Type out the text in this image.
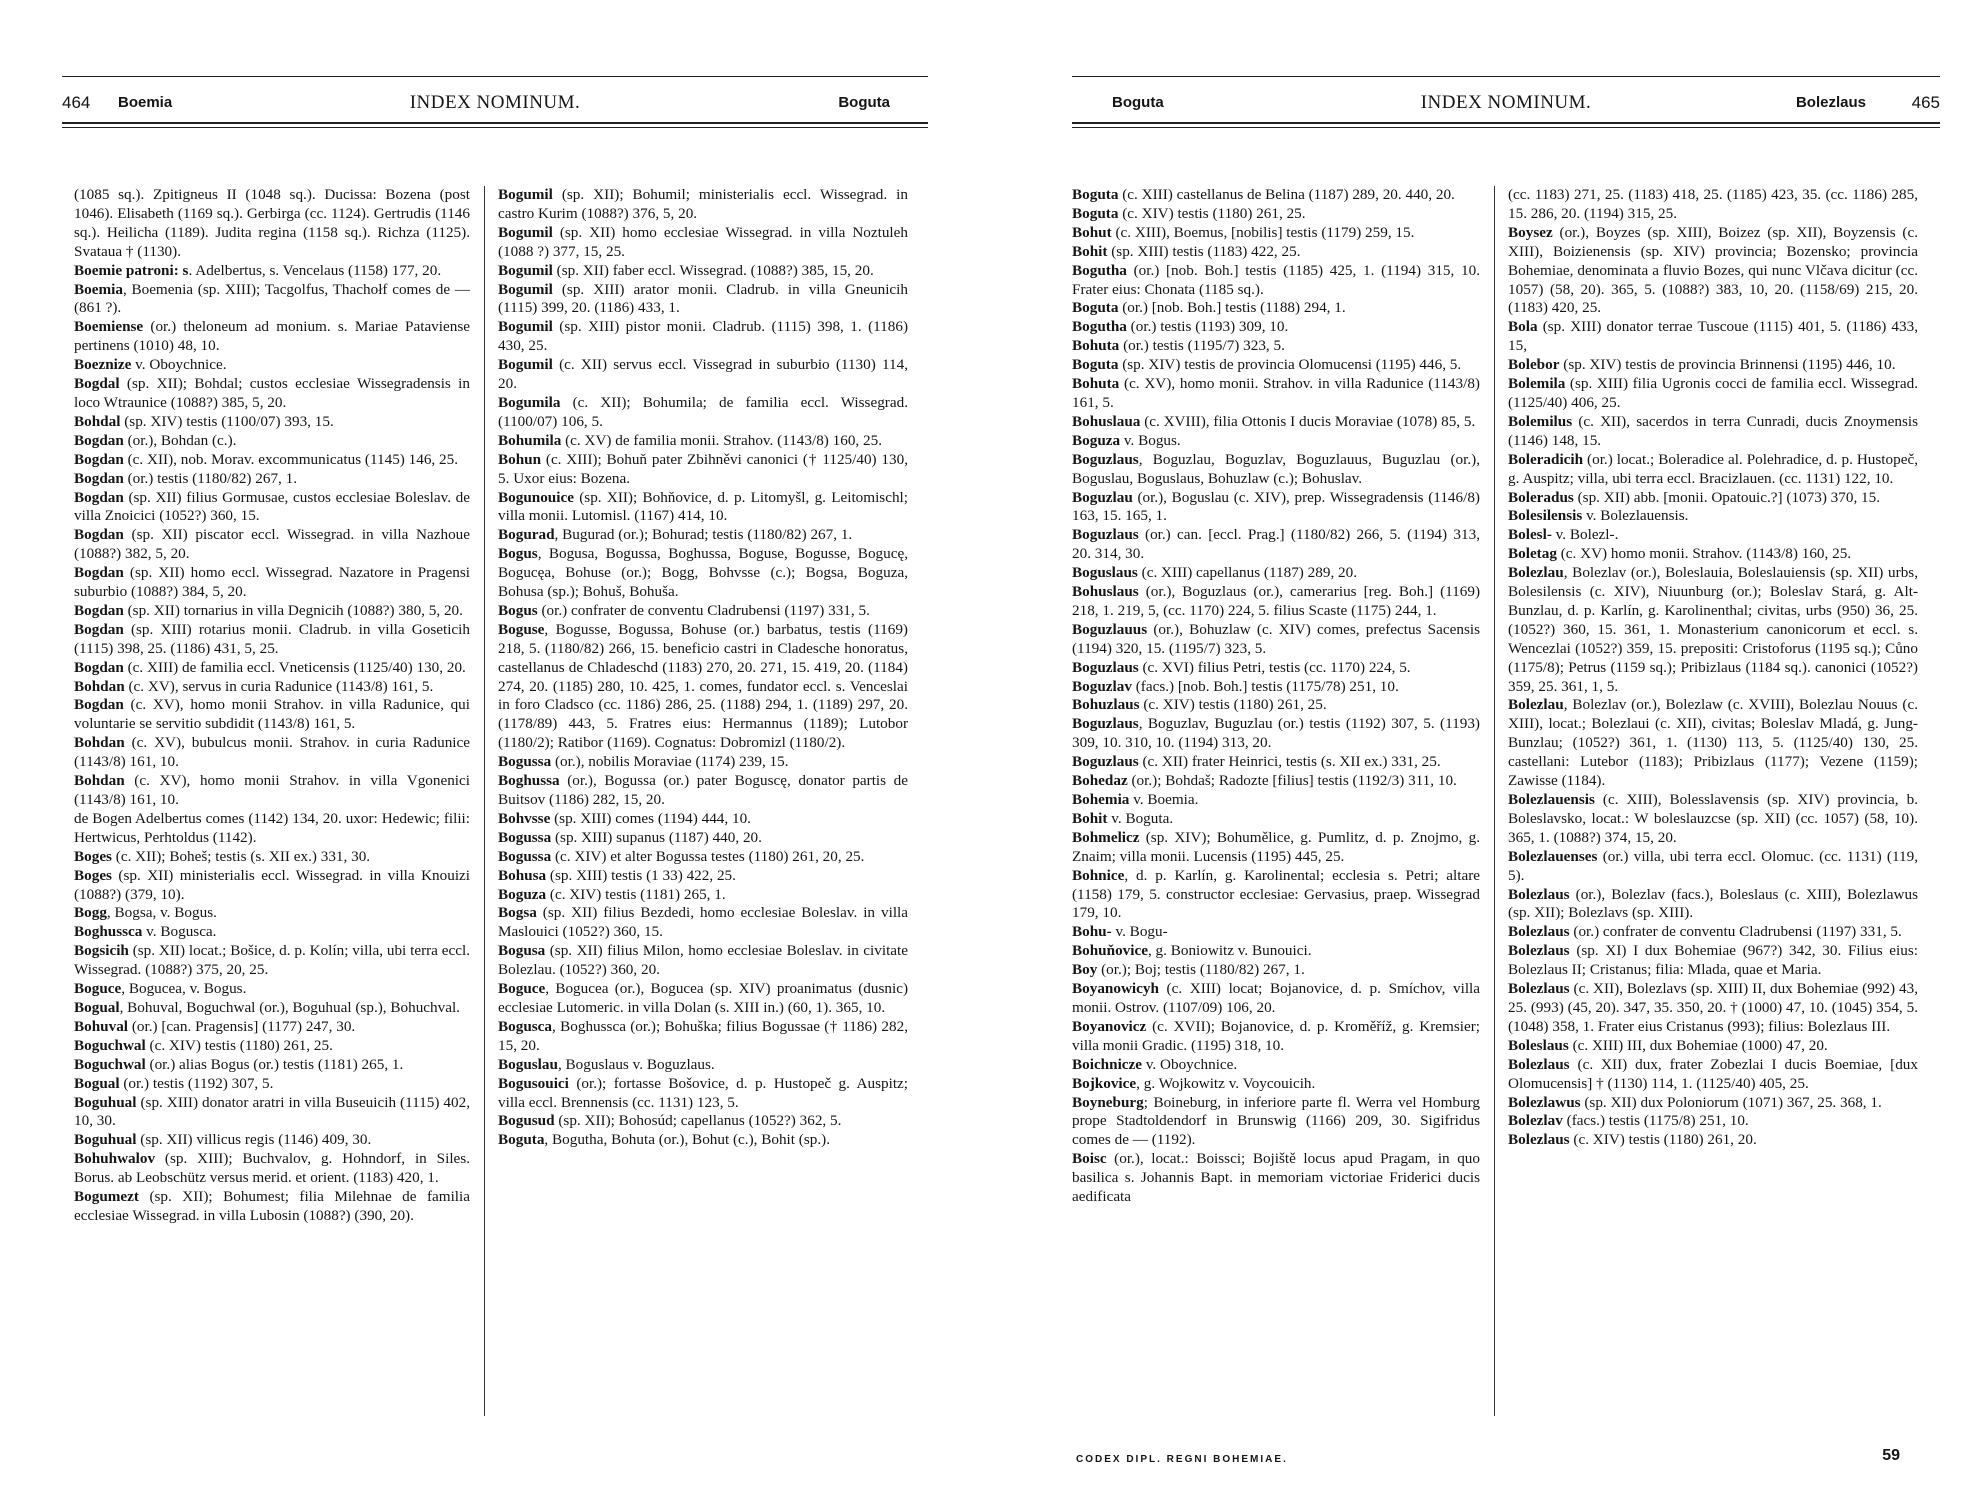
464 Boemia	INDEX NOMINUM.	Boguta

(1085 sq.). Zpitigneus II (1048 sq.). Ducissa: Bozena (post 1046). Elisabeth (1169 sq.). Gerbirga (cc. 1124). Gertrudis (1146 sq.). Heilicha (1189). Judita regina (1158 sq.). Richza (1125). Svataua † (1130).

Boemie patroni: s. Adelbertus, s. Vencelaus (1158) 177, 20.

Boemia, Boemenia (sp. XIII); Tacgolfus, Thachołf comes de — (861 ?).

Boemiense (or.) theloneum ad monium. s. Mariae Pataviense pertinens (1010) 48, 10.

Boeznize v. Oboychnice.

Bogdal (sp. XII); Bohdal; custos ecclesiae Wissegradensis in loco Wtraunice (1088?) 385, 5, 20.

Bohdal (sp. XIV) testis (1100/07) 393, 15.

Bogdan (or.), Bohdan (c.).

Bogdan (c. XII), nob. Morav. excommunicatus (1145) 146, 25.

Bogdan (or.) testis (1180/82) 267, 1.

Bogdan (sp. XII) filius Gormusae, custos ecclesiae Boleslav. de villa Znoicici (1052?) 360, 15.

Bogdan (sp. XII) piscator eccl. Wissegrad. in villa Nazhoue (1088?) 382, 5, 20.

Bogdan (sp. XII) homo eccl. Wissegrad. Nazatore in Pragensi suburbio (1088?) 384, 5, 20.

Bogdan (sp. XII) tornarius in villa Degnicih (1088?) 380, 5, 20.

Bogdan (sp. XIII) rotarius monii. Cladrub. in villa Goseticih (1115) 398, 25. (1186) 431, 5, 25.

Bogdan (c. XIII) de familia eccl. Vneticensis (1125/40) 130, 20.

Bohdan (c. XV), servus in curia Radunice (1143/8) 161, 5.

Bogdan (c. XV), homo monii Strahov. in villa Radunice, qui voluntarie se servitio subdidit (1143/8) 161, 5.

Bohdan (c. XV), bubulcus monii. Strahov. in curia Radunice (1143/8) 161, 10.

Bohdan (c. XV), homo monii Strahov. in villa Vgonenici (1143/8) 161, 10.

de Bogen Adelbertus comes (1142) 134, 20. uxor: Hedewic; filii: Hertwicus, Perhtoldus (1142).

Boges (c. XII); Boheš; testis (s. XII ex.) 331, 30.

Boges (sp. XII) ministerialis eccl. Wissegrad. in villa Knouizi (1088?) (379, 10).

Bogg, Bogsa, v. Bogus.

Boghussca v. Bogusca.

Bogsicih (sp. XII) locat.; Bošice, d. p. Kolín; villa, ubi terra eccl. Wissegrad. (1088?) 375, 20, 25.

Boguce, Bogucea, v. Bogus.

Bogual, Bohuval, Boguchwal (or.), Boguhual (sp.), Bohuchval.

Bohuval (or.) [can. Pragensis] (1177) 247, 30.

Boguchwal (c. XIV) testis (1180) 261, 25.

Boguchwal (or.) alias Bogus (or.) testis (1181) 265, 1.

Bogual (or.) testis (1192) 307, 5.

Boguhual (sp. XIII) donator aratri in villa Buseuicih (1115) 402, 10, 30.

Boguhual (sp. XII) villicus regis (1146) 409, 30.

Bohuhwalov (sp. XIII); Buchvalov, g. Hohndorf, in Siles. Borus. ab Leobschütz versus merid. et orient. (1183) 420, 1.

Bogumezt (sp. XII); Bohumest; filia Milehnae de familia ecclesiae Wissegrad. in villa Lubosin (1088?) (390, 20).

Bogumil (sp. XII); Bohumil; ministerialis eccl. Wissegrad. in castro Kurim (1088?) 376, 5, 20.

Bogumil (sp. XII) homo ecclesiae Wissegrad. in villa Noztuleh (1088 ?) 377, 15, 25.

Bogumil (sp. XII) faber eccl. Wissegrad. (1088?) 385, 15, 20.

Bogumil (sp. XIII) arator monii. Cladrub. in villa Gneunicih (1115) 399, 20. (1186) 433, 1.

Bogumil (sp. XIII) pistor monii. Cladrub. (1115) 398, 1. (1186) 430, 25.

Bogumil (c. XII) servus eccl. Vissegrad in suburbio (1130) 114, 20.

Bogumila (c. XII); Bohumila; de familia eccl. Wissegrad. (1100/07) 106, 5.

Bohumila (c. XV) de familia monii. Strahov. (1143/8) 160, 25.

Bohun (c. XIII); Bohuň pater Zbihněvi canonici († 1125/40) 130, 5. Uxor eius: Bozena.

Bogunouice (sp. XII); Bohňovice, d. p. Litomyšl, g. Leitomischl; villa monii. Lutomisl. (1167) 414, 10.

Bogurad, Bugurad (or.); Bohurad; testis (1180/82) 267, 1.

Bogus, Bogusa, Bogussa, Boghussa, Boguse, Bogusse, Bogucę, Bogucęa, Bohuse (or.); Bogg, Bohvsse (c.); Bogsa, Boguza, Bohusa (sp.); Bohuš, Bohuša.

Bogus (or.) confrater de conventu Cladrubensi (1197) 331, 5.

Boguse, Bogusse, Bogussa, Bohuse (or.) barbatus, testis (1169) 218, 5. (1180/82) 266, 15. beneficio castri in Cladesche honoratus, castellanus de Chladeschd (1183) 270, 20. 271, 15. 419, 20. (1184) 274, 20. (1185) 280, 10. 425, 1. comes, fundator eccl. s. Venceslai in foro Cladsco (cc. 1186) 286, 25. (1188) 294, 1. (1189) 297, 20. (1178/89) 443, 5. Fratres eius: Hermannus (1189); Lutobor (1180/2); Ratibor (1169). Cognatus: Dobromizl (1180/2).

Bogussa (or.), nobilis Moraviae (1174) 239, 15.

Boghussa (or.), Bogussa (or.) pater Boguscę, donator partis de Buitsov (1186) 282, 15, 20.

Bohvsse (sp. XIII) comes (1194) 444, 10.

Bogussa (sp. XIII) supanus (1187) 440, 20.

Bogussa (c. XIV) et alter Bogussa testes (1180) 261, 20, 25.

Bohusa (sp. XIII) testis (1 33) 422, 25.

Boguza (c. XIV) testis (1181) 265, 1.

Bogsa (sp. XII) filius Bezdedi, homo ecclesiae Boleslav. in villa Maslouici (1052?) 360, 15.

Bogusa (sp. XII) filius Milon, homo ecclesiae Boleslav. in civitate Bolezlau. (1052?) 360, 20.

Boguce, Bogucea (or.), Bogucea (sp. XIV) proanimatus (dusnic) ecclesiae Lutomeric. in villa Dolan (s. XIII in.) (60, 1). 365, 10.

Bogusca, Boghussca (or.); Bohuška; filius Bogussae († 1186) 282, 15, 20.

Boguslau, Boguslaus v. Boguzlaus.

Bogusouici (or.); fortasse Bošovice, d. p. Hustopeč g. Auspitz; villa eccl. Brennensis (cc. 1131) 123, 5.

Bogusud (sp. XII); Bohosúd; capellanus (1052?) 362, 5.

Boguta, Bogutha, Bohuta (or.), Bohut (c.), Bohit (sp.).

Boguta	INDEX NOMINUM.	Bolezlaus	465

Boguta (c. XIII) castellanus de Belina (1187) 289, 20. 440, 20.

Boguta (c. XIV) testis (1180) 261, 25.

Bohut (c. XIII), Boemus, [nobilis] testis (1179) 259, 15.

Bohit (sp. XIII) testis (1183) 422, 25.

Bogutha (or.) [nob. Boh.] testis (1185) 425, 1. (1194) 315, 10. Frater eius: Chonata (1185 sq.).

Boguta (or.) [nob. Boh.] testis (1188) 294, 1.

Bogutha (or.) testis (1193) 309, 10.

Bohuta (or.) testis (1195/7) 323, 5.

Boguta (sp. XIV) testis de provincia Olomucensi (1195) 446, 5.

Bohuta (c. XV), homo monii. Strahov. in villa Radunice (1143/8) 161, 5.

Bohuslaua (c. XVIII), filia Ottonis I ducis Moraviae (1078) 85, 5.

Boguza v. Bogus.

Boguzlaus, Boguzlau, Boguzlav, Boguzlauus, Buguzlau (or.), Boguslau, Boguslaus, Bohuzlaw (c.); Bohuslav.

Boguzlau (or.), Boguslau (c. XIV), prep. Wissegradensis (1146/8) 163, 15. 165, 1.

Boguzlaus (or.) can. [eccl. Prag.] (1180/82) 266, 5. (1194) 313, 20. 314, 30.

Boguslaus (c. XIII) capellanus (1187) 289, 20.

Bohuslaus (or.), Boguzlaus (or.), camerarius [reg. Boh.] (1169) 218, 1. 219, 5, (cc. 1170) 224, 5. filius Scaste (1175) 244, 1.

Boguzlauus (or.), Bohuzlaw (c. XIV) comes, prefectus Sacensis (1194) 320, 15. (1195/7) 323, 5.

Boguzlaus (c. XVI) filius Petri, testis (cc. 1170) 224, 5.

Boguzlav (facs.) [nob. Boh.] testis (1175/78) 251, 10.

Bohuzlaus (c. XIV) testis (1180) 261, 25.

Boguzlaus, Boguzlav, Buguzlau (or.) testis (1192) 307, 5. (1193) 309, 10. 310, 10. (1194) 313, 20.

Boguzlaus (c. XII) frater Heinrici, testis (s. XII ex.) 331, 25.

Bohedaz (or.); Bohdaš; Radozte [filius] testis (1192/3) 311, 10.

Bohemia v. Boemia.

Bohit v. Boguta.

Bohmelicz (sp. XIV); Bohumělice, g. Pumlitz, d. p. Znojmo, g. Znaim; villa monii. Lucensis (1195) 445, 25.

Bohnice, d. p. Karlín, g. Karolinental; ecclesia s. Petri; altare (1158) 179, 5. constructor ecclesiae: Gervasius, praep. Wissegrad 179, 10.

Bohu- v. Bogu-

Bohuňovice, g. Boniowitz v. Bunouici.

Boy (or.); Boj; testis (1180/82) 267, 1.

Boyanowicyh (c. XIII) locat; Bojanovice, d. p. Smíchov, villa monii. Ostrov. (1107/09) 106, 20.

Boyanovicz (c. XVII); Bojanovice, d. p. Kroměříž, g. Kremsier; villa monii Gradic. (1195) 318, 10.

Boichnicze v. Oboychnice.

Bojkovice, g. Wojkowitz v. Voycouicih.

Boyneburg; Boineburg, in inferiore parte fl. Werra vel Homburg prope Stadtoldendorf in Brunswig (1166) 209, 30. Sigifridus comes de — (1192).

Boisc (or.), locat.: Boissci; Bojiště locus apud Pragam, in quo basilica s. Johannis Bapt. in memoriam victoriae Friderici ducis aedificata

(cc. 1183) 271, 25. (1183) 418, 25. (1185) 423, 35. (cc. 1186) 285, 15. 286, 20. (1194) 315, 25.

Boysez (or.), Boyzes (sp. XIII), Boizez (sp. XII), Boyzensis (c. XIII), Boizienensis (sp. XIV) provincia; Bozensko; provincia Bohemiae, denominata a fluvio Bozes, qui nunc Vlčava dicitur (cc. 1057) (58, 20). 365, 5. (1088?) 383, 10, 20. (1158/69) 215, 20. (1183) 420, 25.

Bola (sp. XIII) donator terrae Tuscoue (1115) 401, 5. (1186) 433, 15,

Bolebor (sp. XIV) testis de provincia Brinnensi (1195) 446, 10.

Bolemila (sp. XIII) filia Ugronis cocci de familia eccl. Wissegrad. (1125/40) 406, 25.

Bolemilus (c. XII), sacerdos in terra Cunradi, ducis Znoymensis (1146) 148, 15.

Boleradicih (or.) locat.; Boleradice al. Polehradice, d. p. Hustopeč, g. Auspitz; villa, ubi terra eccl. Bracizlauen. (cc. 1131) 122, 10.

Boleradus (sp. XII) abb. [monii. Opatouic.?] (1073) 370, 15.

Bolesilensis v. Bolezlauensis.

Bolesl- v. Bolezl-.

Boletag (c. XV) homo monii. Strahov. (1143/8) 160, 25.

Bolezlau, Bolezlav (or.), Boleslauia, Boleslauiensis (sp. XII) urbs, Bolesilensis (c. XIV), Niuunburg (or.); Boleslav Stará, g. Alt-Bunzlau, d. p. Karlín, g. Karolinenthal; civitas, urbs (950) 36, 25. (1052?) 360, 15. 361, 1. Monasterium canonicorum et eccl. s. Wencezlai (1052?) 359, 15. prepositi: Cristoforus (1195 sq.); Cůno (1175/8); Petrus (1159 sq.); Pribizlaus (1184 sq.). canonici (1052?) 359, 25. 361, 1, 5.

Bolezlau, Bolezlav (or.), Bolezlaw (c. XVIII), Bolezlau Nouus (c. XIII), locat.; Bolezlaui (c. XII), civitas; Boleslav Mladá, g. Jung-Bunzlau; (1052?) 361, 1. (1130) 113, 5. (1125/40) 130, 25. castellani: Lutebor (1183); Pribizlaus (1177); Vezene (1159); Zawisse (1184).

Bolezlauensis (c. XIII), Bolesslavensis (sp. XIV) provincia, b. Boleslavsko, locat.: W boleslauzcse (sp. XII) (cc. 1057) (58, 10). 365, 1. (1088?) 374, 15, 20.

Bolezlauenses (or.) villa, ubi terra eccl. Olomuc. (cc. 1131) (119, 5).

Bolezlaus (or.), Bolezlav (facs.), Boleslaus (c. XIII), Bolezlawus (sp. XII); Bolezlavs (sp. XIII).

Bolezlaus (or.) confrater de conventu Cladrubensi (1197) 331, 5.

Bolezlaus (sp. XI) I dux Bohemiae (967?) 342, 30. Filius eius: Bolezlaus II; Cristanus; filia: Mlada, quae et Maria.

Bolezlaus (c. XII), Bolezlavs (sp. XIII) II, dux Bohemiae (992) 43, 25. (993) (45, 20). 347, 35. 350, 20. † (1000) 47, 10. (1045) 354, 5. (1048) 358, 1. Frater eius Cristanus (993); filius: Bolezlaus III.

Boleslaus (c. XIII) III, dux Bohemiae (1000) 47, 20.

Bolezlaus (c. XII) dux, frater Zobezlai I ducis Boemiae, [dux Olomucensis] † (1130) 114, 1. (1125/40) 405, 25.

Bolezlawus (sp. XII) dux Poloniorum (1071) 367, 25. 368, 1.

Bolezlav (facs.) testis (1175/8) 251, 10.

Bolezlaus (c. XIV) testis (1180) 261, 20.

CODEX DIPL. REGNI BOHEMIAE.	59
